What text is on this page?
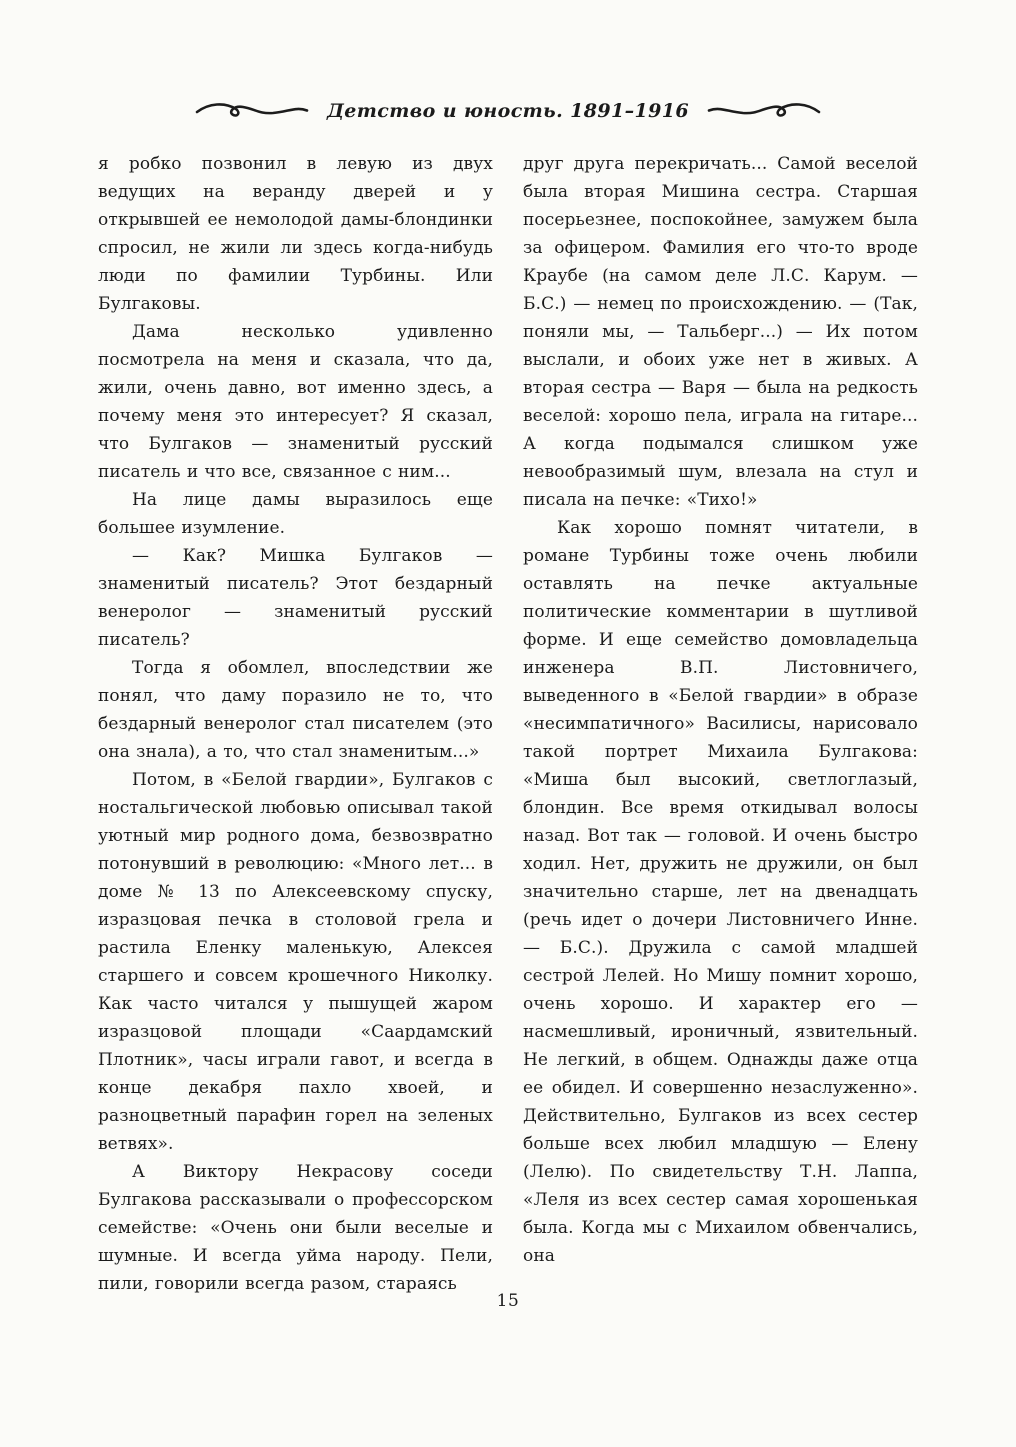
Детство и юность. 1891–1916

я робко позвонил в левую из двух ведущих на веранду дверей и у открывшей ее немолодой дамы-блондинки спросил, не жили ли здесь когда-нибудь люди по фамилии Турбины. Или Булгаковы.

Дама несколько удивленно посмотрела на меня и сказала, что да, жили, очень давно, вот именно здесь, а почему меня это интересует? Я сказал, что Булгаков — знаменитый русский писатель и что все, связанное с ним...

На лице дамы выразилось еще большее изумление.

— Как? Мишка Булгаков — знаменитый писатель? Этот бездарный венеролог — знаменитый русский писатель?

Тогда я обомлел, впоследствии же понял, что даму поразило не то, что бездарный венеролог стал писателем (это она знала), а то, что стал знаменитым...»

Потом, в «Белой гвардии», Булгаков с ностальгической любовью описывал такой уютный мир родного дома, безвозвратно потонувший в революцию: «Много лет... в доме № 13 по Алексеевскому спуску, изразцовая печка в столовой грела и растила Еленку маленькую, Алексея старшего и совсем крошечного Николку. Как часто читался у пышущей жаром изразцовой площади «Саардамский Плотник», часы играли гавот, и всегда в конце декабря пахло хвоей, и разноцветный парафин горел на зеленых ветвях».

А Виктору Некрасову соседи Булгакова рассказывали о профессорском семействе: «Очень они были веселые и шумные. И всегда уйма народу. Пели, пили, говорили всегда разом, стараясь

друг друга перекричать... Самой веселой была вторая Мишина сестра. Старшая посерьезнее, поспокойнее, замужем была за офицером. Фамилия его что-то вроде Краубе (на самом деле Л.С. Карум. — Б.С.) — немец по происхождению. — (Так, поняли мы, — Тальберг...) — Их потом выслали, и обоих уже нет в живых. А вторая сестра — Варя — была на редкость веселой: хорошо пела, играла на гитаре... А когда подымался слишком уже невообразимый шум, влезала на стул и писала на печке: «Тихо!»

Как хорошо помнят читатели, в романе Турбины тоже очень любили оставлять на печке актуальные политические комментарии в шутливой форме. И еще семейство домовладельца инженера В.П. Листовничего, выведенного в «Белой гвардии» в образе «несимпатичного» Василисы, нарисовало такой портрет Михаила Булгакова: «Миша был высокий, светлоглазый, блондин. Все время откидывал волосы назад. Вот так — головой. И очень быстро ходил. Нет, дружить не дружили, он был значительно старше, лет на двенадцать (речь идет о дочери Листовничего Инне. — Б.С.). Дружила с самой младшей сестрой Лелей. Но Мишу помнит хорошо, очень хорошо. И характер его — насмешливый, ироничный, язвительный. Не легкий, в общем. Однажды даже отца ее обидел. И совершенно незаслуженно». Действительно, Булгаков из всех сестер больше всех любил младшую — Елену (Лелю). По свидетельству Т.Н. Лаппа, «Леля из всех сестер самая хорошенькая была. Когда мы с Михаилом обвенчались, она

15
